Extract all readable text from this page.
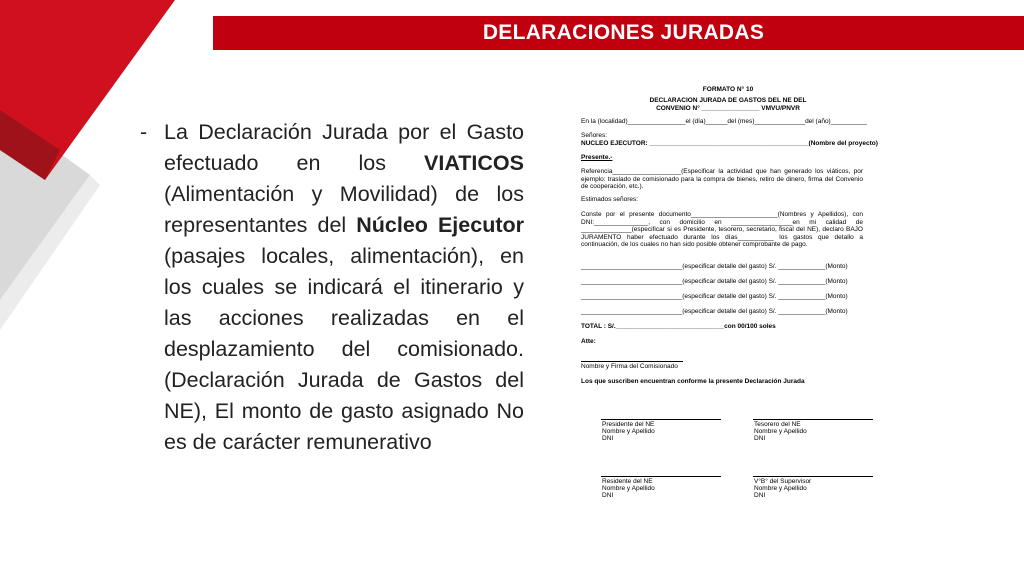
DELARACIONES JURADAS
- La Declaración Jurada por el Gasto efectuado en los VIATICOS (Alimentación y Movilidad) de los representantes del Núcleo Ejecutor (pasajes locales, alimentación), en los cuales se indicará el itinerario y las acciones realizadas en el desplazamiento del comisionado. (Declaración Jurada de Gastos del NE), El monto de gasto asignado No es de carácter remunerativo
FORMATO N° 10
DECLARACION JURADA DE GASTOS DEL NE DEL
CONVENIO N° ________________ VMVU/PNVR
En la (localidad)________________el (día)______del (mes)______________del (año)__________
Señores:
NUCLEO EJECUTOR: ____________________________________________(Nombre del proyecto)
Presente.-
Referencia___________________(Especificar la actividad que han generado los viáticos, por ejemplo: traslado de comisionado para la compra de bienes, retiro de dinero, firma del Convenio de cooperación, etc.).
Estimados señores:
Conste por el presente documento________________________(Nombres y Apellidos), con DNI:_______________, con domicilio en _________________en mi calidad de ______________(especificar si es Presidente, tesorero, secretario, fiscal del NE), declaro BAJO JURAMENTO haber efectuado durante los días__________ los gastos que detallo a continuación, de los cuales no han sido posible obtener comprobante de pago.
____________________________(especificar detalle del gasto) S/. _____________(Monto)
____________________________(especificar detalle del gasto) S/. _____________(Monto)
____________________________(especificar detalle del gasto) S/. _____________(Monto)
____________________________(especificar detalle del gasto) S/. _____________(Monto)
TOTAL : S/.______________________________con 00/100 soles
Atte:
Nombre y Firma del Comisionado
Los que suscriben encuentran conforme la presente Declaración Jurada
Presidente del NE
Nombre y Apellido
DNI
Tesorero del NE
Nombre y Apellido
DNI
Residente del NE
Nombre y Apellido
DNI
V°B° del Supervisor
Nombre y Apellido
DNI
